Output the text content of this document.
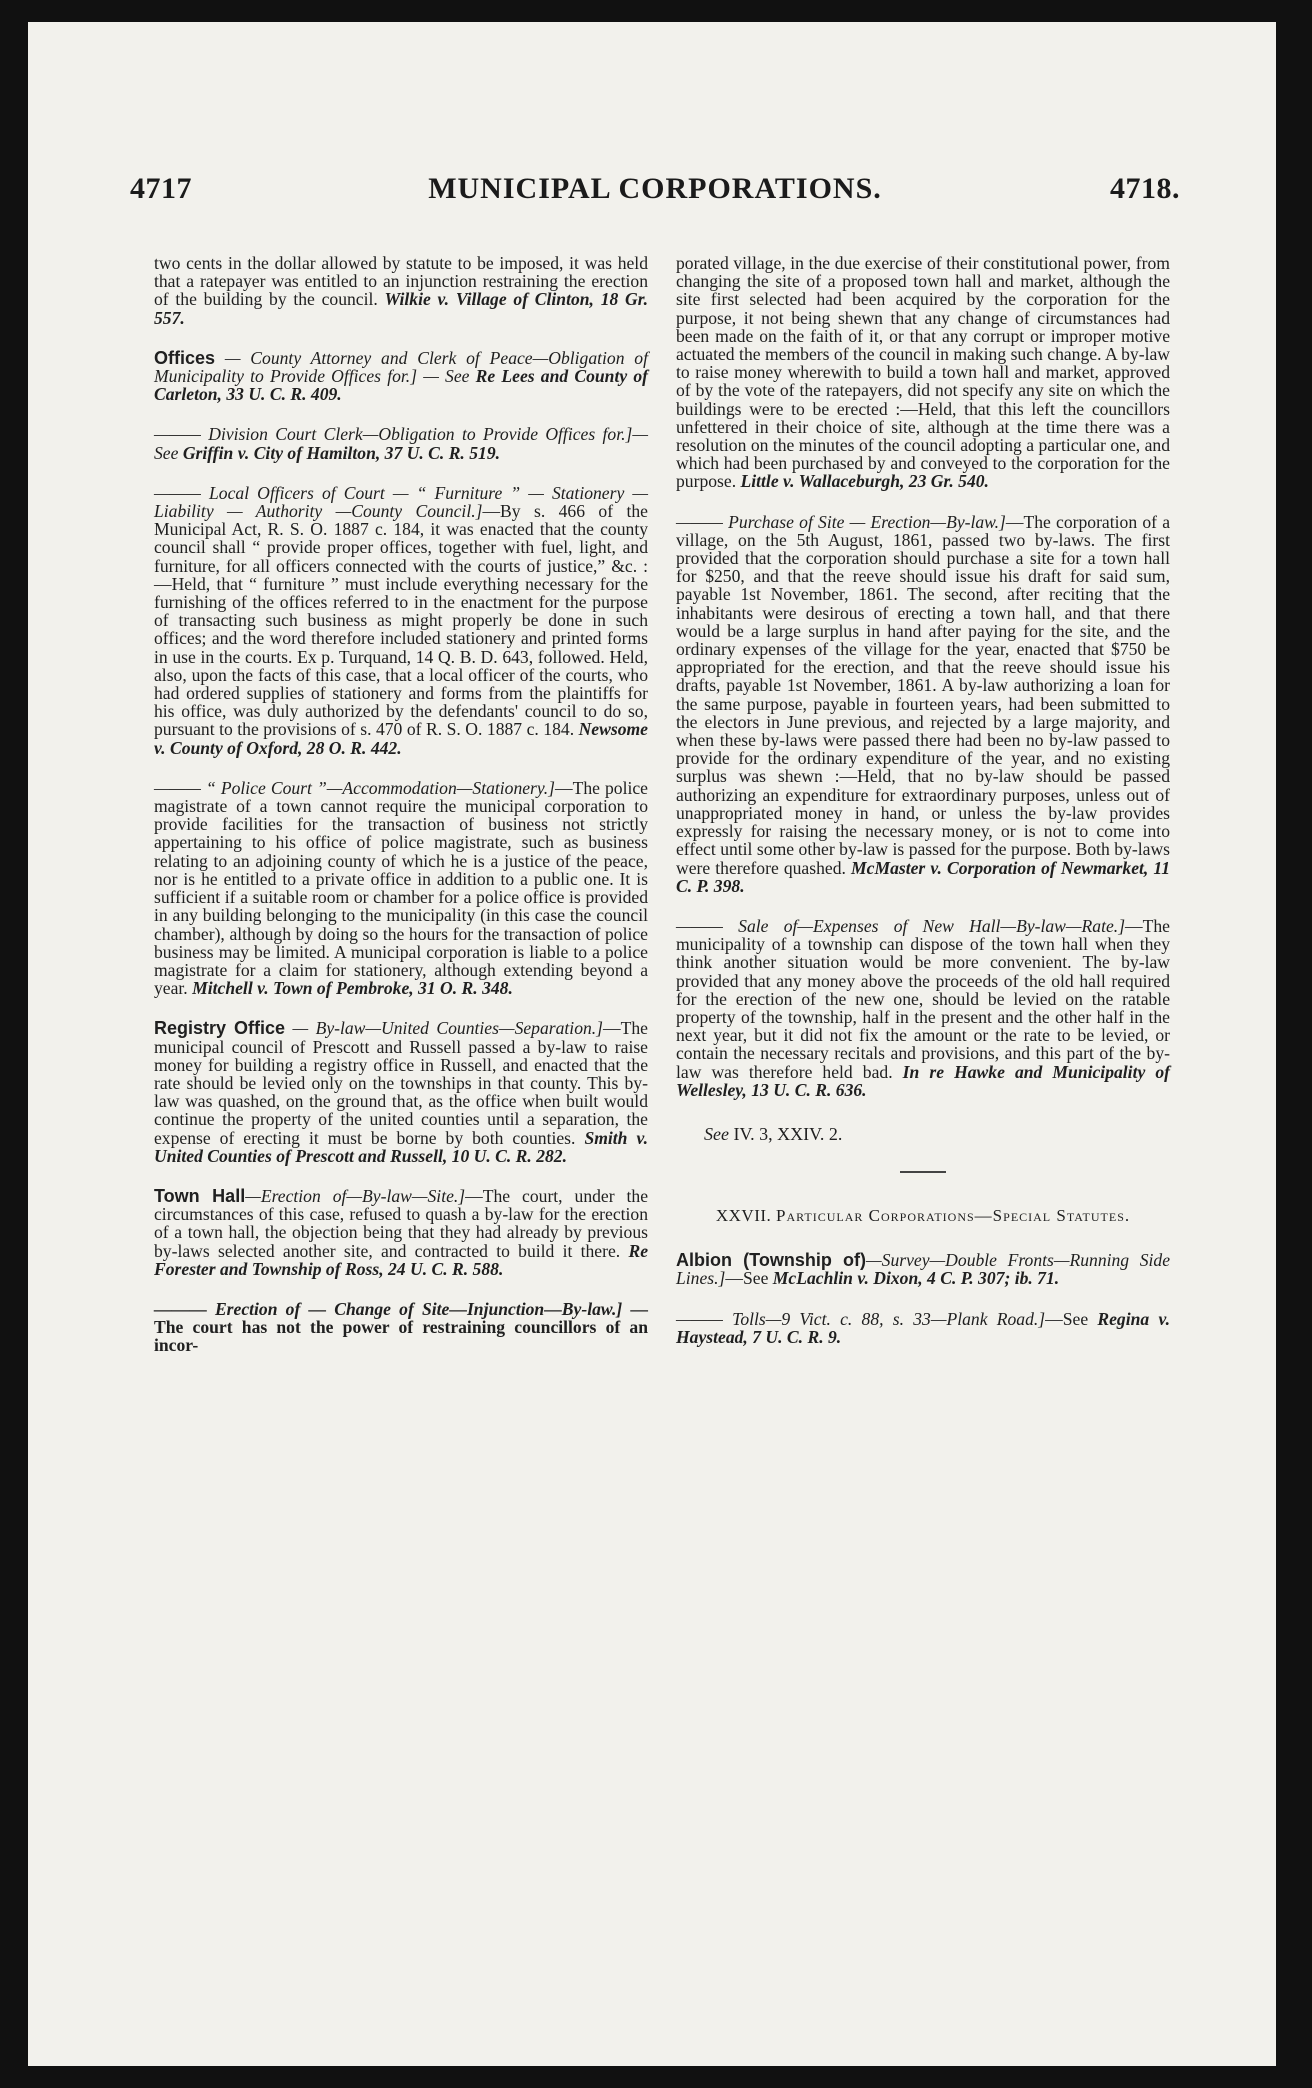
4717	MUNICIPAL CORPORATIONS.	4718.

two cents in the dollar allowed by statute to be imposed, it was held that a ratepayer was entitled to an injunction restraining the erection of the building by the council. Wilkie v. Village of Clinton, 18 Gr. 557.

Offices — County Attorney and Clerk of Peace—Obligation of Municipality to Provide Offices for.] — See Re Lees and County of Carleton, 33 U. C. R. 409.

——— Division Court Clerk—Obligation to Provide Offices for.]—See Griffin v. City of Hamilton, 37 U. C. R. 519.

——— Local Officers of Court — “ Furniture ” — Stationery — Liability — Authority —County Council.]—By s. 466 of the Municipal Act, R. S. O. 1887 c. 184, it was enacted that the county council shall “ provide proper offices, together with fuel, light, and furniture, for all officers connected with the courts of justice,” &c. :—Held, that “ furniture ” must include everything necessary for the furnishing of the offices referred to in the enactment for the purpose of transacting such business as might properly be done in such offices; and the word therefore included stationery and printed forms in use in the courts. Ex p. Turquand, 14 Q. B. D. 643, followed. Held, also, upon the facts of this case, that a local officer of the courts, who had ordered supplies of stationery and forms from the plaintiffs for his office, was duly authorized by the defendants' council to do so, pursuant to the provisions of s. 470 of R. S. O. 1887 c. 184. Newsome v. County of Oxford, 28 O. R. 442.

——— “ Police Court ”—Accommodation—Stationery.]—The police magistrate of a town cannot require the municipal corporation to provide facilities for the transaction of business not strictly appertaining to his office of police magistrate, such as business relating to an adjoining county of which he is a justice of the peace, nor is he entitled to a private office in addition to a public one. It is sufficient if a suitable room or chamber for a police office is provided in any building belonging to the municipality (in this case the council chamber), although by doing so the hours for the transaction of police business may be limited. A municipal corporation is liable to a police magistrate for a claim for stationery, although extending beyond a year. Mitchell v. Town of Pembroke, 31 O. R. 348.

Registry Office — By-law—United Counties—Separation.]—The municipal council of Prescott and Russell passed a by-law to raise money for building a registry office in Russell, and enacted that the rate should be levied only on the townships in that county. This by-law was quashed, on the ground that, as the office when built would continue the property of the united counties until a separation, the expense of erecting it must be borne by both counties. Smith v. United Counties of Prescott and Russell, 10 U. C. R. 282.

Town Hall—Erection of—By-law—Site.]—The court, under the circumstances of this case, refused to quash a by-law for the erection of a town hall, the objection being that they had already by previous by-laws selected another site, and contracted to build it there. Re Forester and Township of Ross, 24 U. C. R. 588.

——— Erection of — Change of Site—Injunction—By-law.] — The court has not the power of restraining councillors of an incor-

porated village, in the due exercise of their constitutional power, from changing the site of a proposed town hall and market, although the site first selected had been acquired by the corporation for the purpose, it not being shewn that any change of circumstances had been made on the faith of it, or that any corrupt or improper motive actuated the members of the council in making such change. A by-law to raise money wherewith to build a town hall and market, approved of by the vote of the ratepayers, did not specify any site on which the buildings were to be erected :—Held, that this left the councillors unfettered in their choice of site, although at the time there was a resolution on the minutes of the council adopting a particular one, and which had been purchased by and conveyed to the corporation for the purpose. Little v. Wallaceburgh, 23 Gr. 540.

——— Purchase of Site — Erection—By-law.]—The corporation of a village, on the 5th August, 1861, passed two by-laws. The first provided that the corporation should purchase a site for a town hall for $250, and that the reeve should issue his draft for said sum, payable 1st November, 1861. The second, after reciting that the inhabitants were desirous of erecting a town hall, and that there would be a large surplus in hand after paying for the site, and the ordinary expenses of the village for the year, enacted that $750 be appropriated for the erection, and that the reeve should issue his drafts, payable 1st November, 1861. A by-law authorizing a loan for the same purpose, payable in fourteen years, had been submitted to the electors in June previous, and rejected by a large majority, and when these by-laws were passed there had been no by-law passed to provide for the ordinary expenditure of the year, and no existing surplus was shewn :—Held, that no by-law should be passed authorizing an expenditure for extraordinary purposes, unless out of unappropriated money in hand, or unless the by-law provides expressly for raising the necessary money, or is not to come into effect until some other by-law is passed for the purpose. Both by-laws were therefore quashed. McMaster v. Corporation of Newmarket, 11 C. P. 398.

——— Sale of—Expenses of New Hall—By-law—Rate.]—The municipality of a township can dispose of the town hall when they think another situation would be more convenient. The by-law provided that any money above the proceeds of the old hall required for the erection of the new one, should be levied on the ratable property of the township, half in the present and the other half in the next year, but it did not fix the amount or the rate to be levied, or contain the necessary recitals and provisions, and this part of the by-law was therefore held bad. In re Hawke and Municipality of Wellesley, 13 U. C. R. 636.

See IV. 3, XXIV. 2.
XXVII. Particular Corporations—Special Statutes.

Albion (Township of)—Survey—Double Fronts—Running Side Lines.]—See McLachlin v. Dixon, 4 C. P. 307; ib. 71.

——— Tolls—9 Vict. c. 88, s. 33—Plank Road.]—See Regina v. Haystead, 7 U. C. R. 9.
